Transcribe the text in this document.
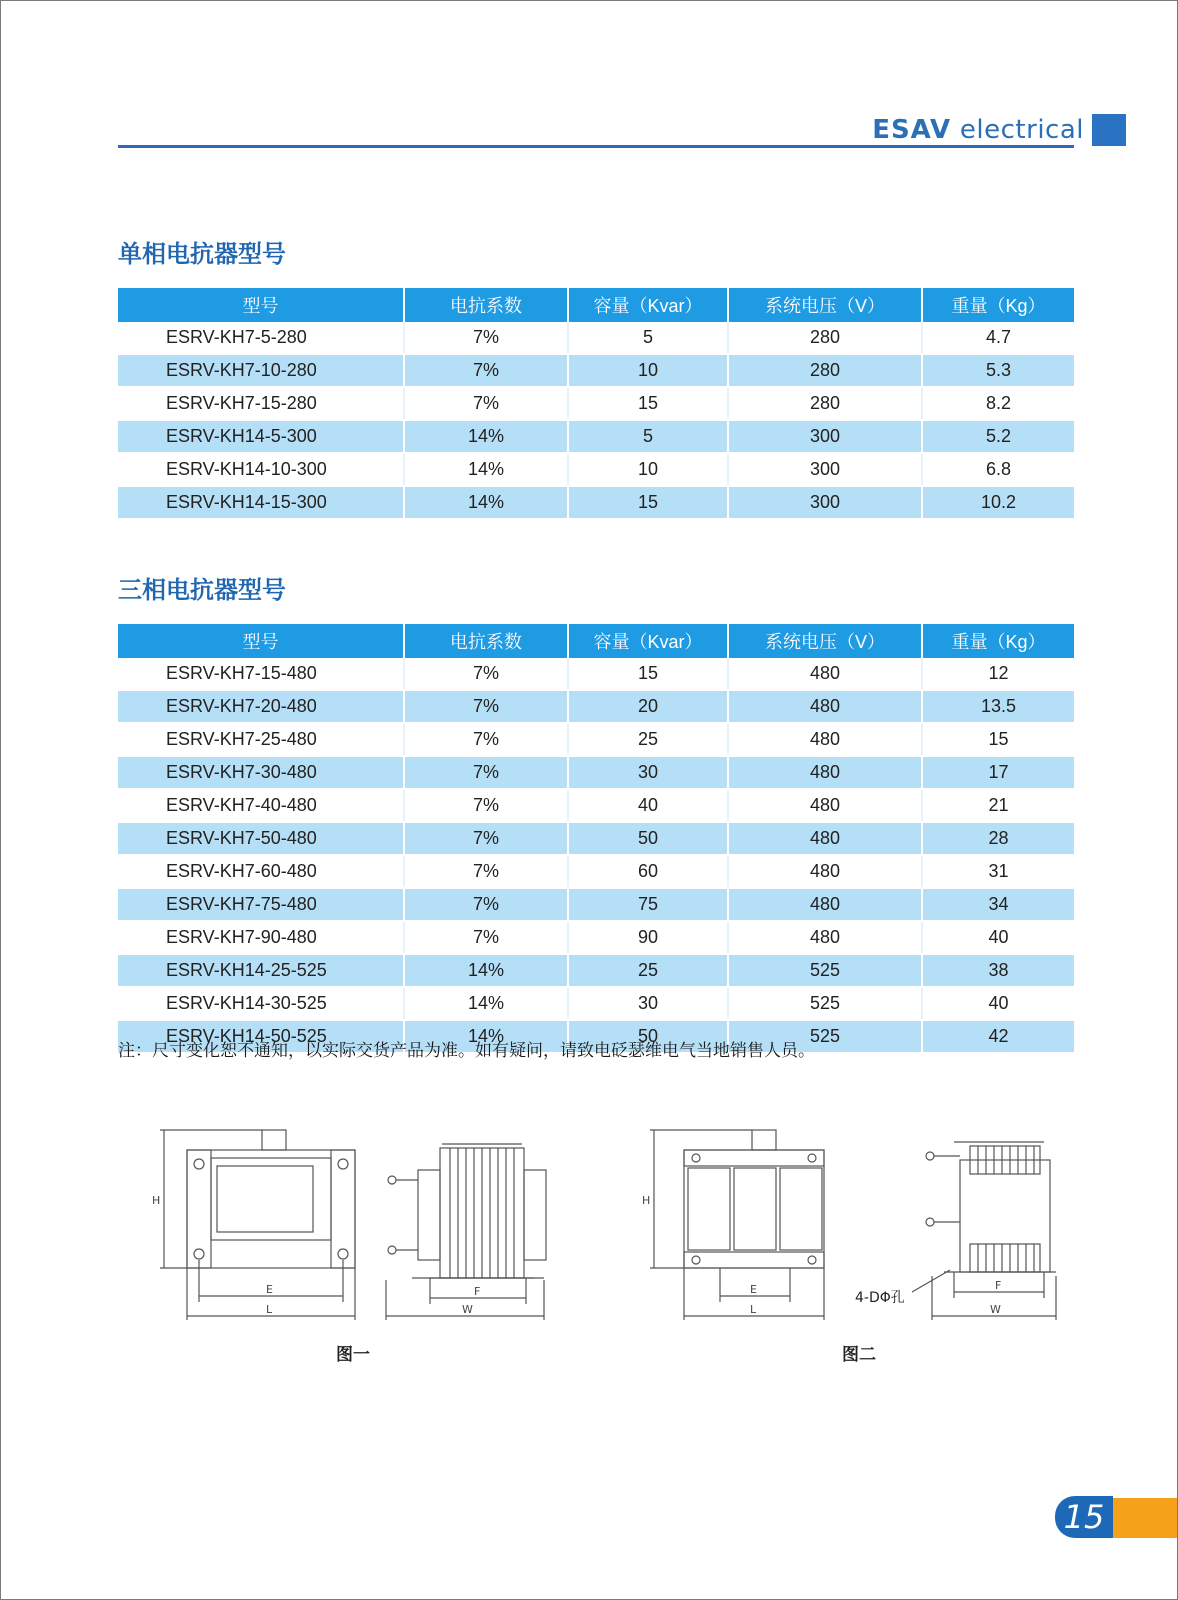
ESAV electrical
单相电抗器型号
型号	电抗系数	容量（Kvar）	系统电压（V）	重量（Kg）
ESRV-KH7-5-280	7%	5	280	4.7
ESRV-KH7-10-280	7%	10	280	5.3
ESRV-KH7-15-280	7%	15	280	8.2
ESRV-KH14-5-300	14%	5	300	5.2
ESRV-KH14-10-300	14%	10	300	6.8
ESRV-KH14-15-300	14%	15	300	10.2
三相电抗器型号
型号	电抗系数	容量（Kvar）	系统电压（V）	重量（Kg）
ESRV-KH7-15-480	7%	15	480	12
ESRV-KH7-20-480	7%	20	480	13.5
ESRV-KH7-25-480	7%	25	480	15
ESRV-KH7-30-480	7%	30	480	17
ESRV-KH7-40-480	7%	40	480	21
ESRV-KH7-50-480	7%	50	480	28
ESRV-KH7-60-480	7%	60	480	31
ESRV-KH7-75-480	7%	75	480	34
ESRV-KH7-90-480	7%	90	480	40
ESRV-KH14-25-525	14%	25	525	38
ESRV-KH14-30-525	14%	30	525	40
ESRV-KH14-50-525	14%	50	525	42
注：尺寸变化恕不通知，以实际交货产品为准。如有疑问，请致电砭瑟维电气当地销售人员。
H
E
L
F
W
图一
H
E
L
F
W
4-DΦ孔
图二
15
